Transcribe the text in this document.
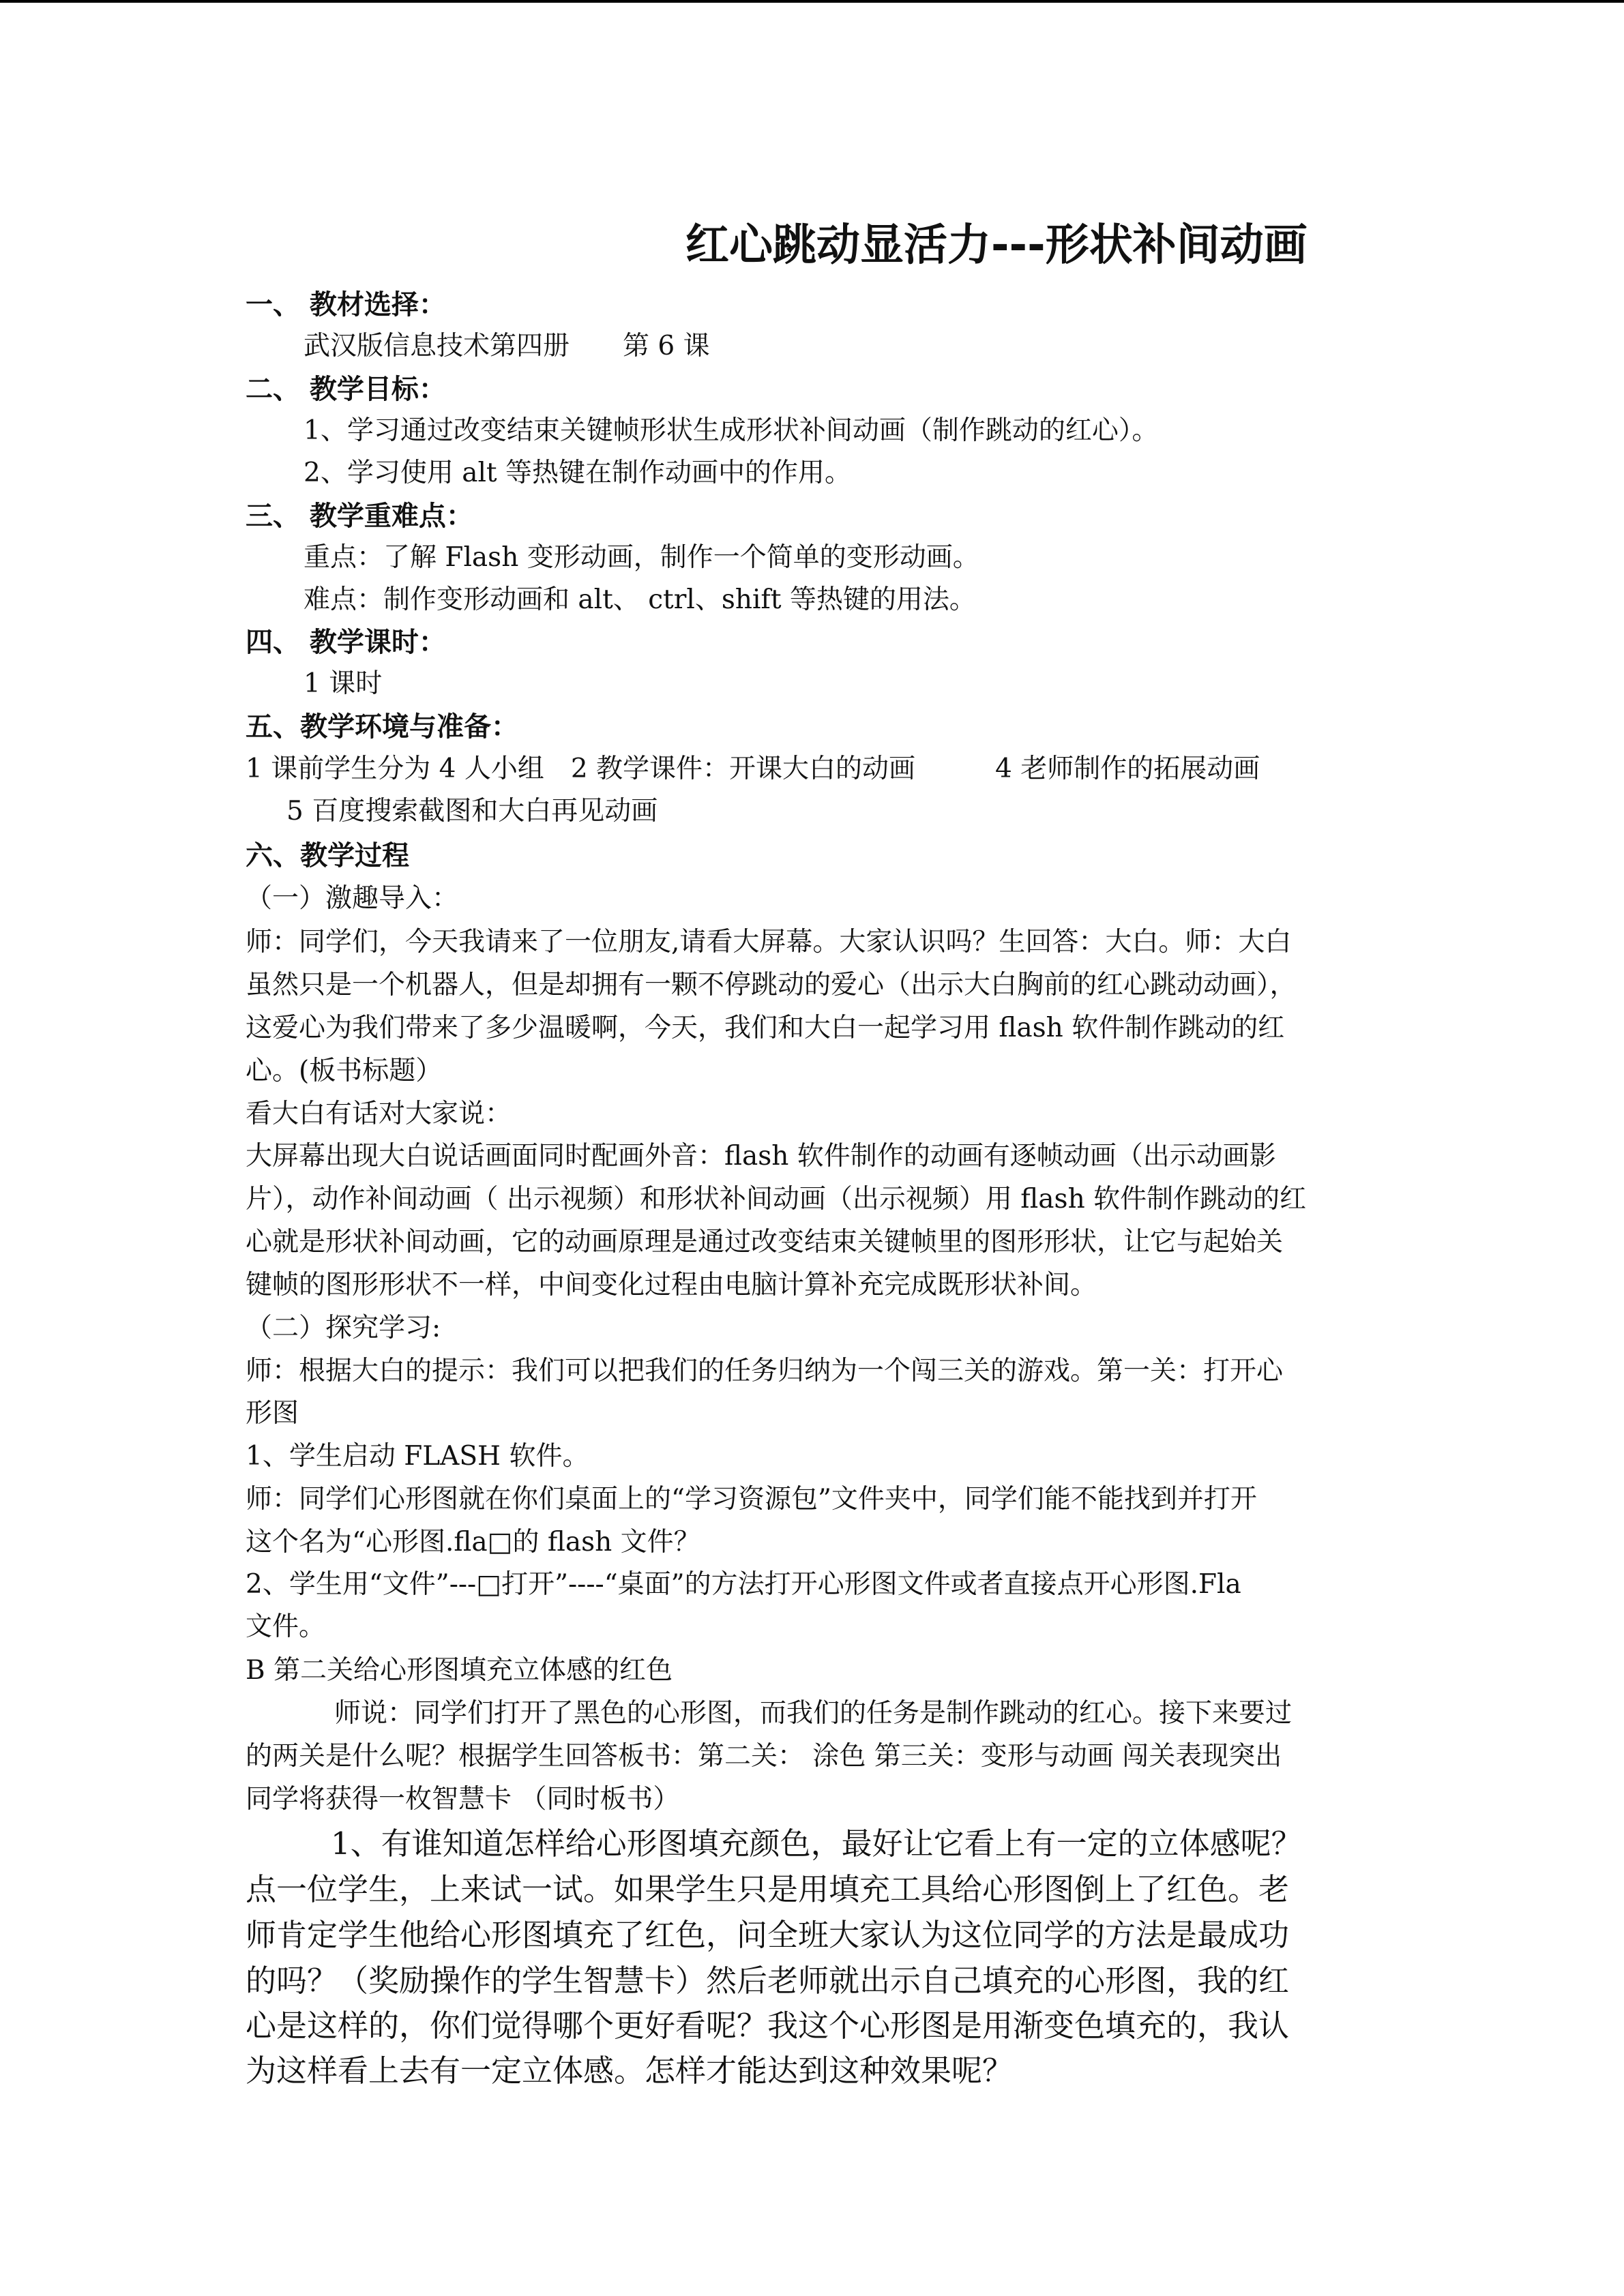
红心跳动显活力---形状补间动画
一、 教材选择：
武汉版信息技术第四册　　第 6 课
二、 教学目标：
1、学习通过改变结束关键帧形状生成形状补间动画（制作跳动的红心）。
2、学习使用 alt 等热键在制作动画中的作用。
三、 教学重难点：
重点：了解 Flash 变形动画，制作一个简单的变形动画。
难点：制作变形动画和 alt、 ctrl、shift 等热键的用法。
四、 教学课时：
1 课时
五、教学环境与准备：
1 课前学生分为 4 人小组　2 教学课件：开课大白的动画　　　4 老师制作的拓展动画
5 百度搜索截图和大白再见动画
六、教学过程
（一）激趣导入：
师：同学们，今天我请来了一位朋友,请看大屏幕。大家认识吗？生回答：大白。师：大白
虽然只是一个机器人，但是却拥有一颗不停跳动的爱心（出示大白胸前的红心跳动动画），
这爱心为我们带来了多少温暖啊，今天，我们和大白一起学习用 flash 软件制作跳动的红
心。(板书标题）
看大白有话对大家说：
大屏幕出现大白说话画面同时配画外音：flash 软件制作的动画有逐帧动画（出示动画影
片），动作补间动画（ 出示视频）和形状补间动画（出示视频）用 flash 软件制作跳动的红
心就是形状补间动画，它的动画原理是通过改变结束关键帧里的图形形状，让它与起始关
键帧的图形形状不一样，中间变化过程由电脑计算补充完成既形状补间。
（二）探究学习:
师：根据大白的提示：我们可以把我们的任务归纳为一个闯三关的游戏。第一关：打开心
形图
1、学生启动 FLASH 软件。
师：同学们心形图就在你们桌面上的“学习资源包”文件夹中，同学们能不能找到并打开
这个名为“心形图.fla□的 flash 文件？
2、学生用“文件”---□打开”----“桌面”的方法打开心形图文件或者直接点开心形图.Fla
文件。
B 第二关给心形图填充立体感的红色
师说：同学们打开了黑色的心形图，而我们的任务是制作跳动的红心。接下来要过
的两关是什么呢？根据学生回答板书：第二关： 涂色 第三关：变形与动画 闯关表现突出
同学将获得一枚智慧卡 （同时板书）
1、有谁知道怎样给心形图填充颜色，最好让它看上有一定的立体感呢？
点一位学生，上来试一试。如果学生只是用填充工具给心形图倒上了红色。老
师肯定学生他给心形图填充了红色，问全班大家认为这位同学的方法是最成功
的吗？（奖励操作的学生智慧卡）然后老师就出示自己填充的心形图，我的红
心是这样的，你们觉得哪个更好看呢？我这个心形图是用渐变色填充的，我认
为这样看上去有一定立体感。怎样才能达到这种效果呢？
